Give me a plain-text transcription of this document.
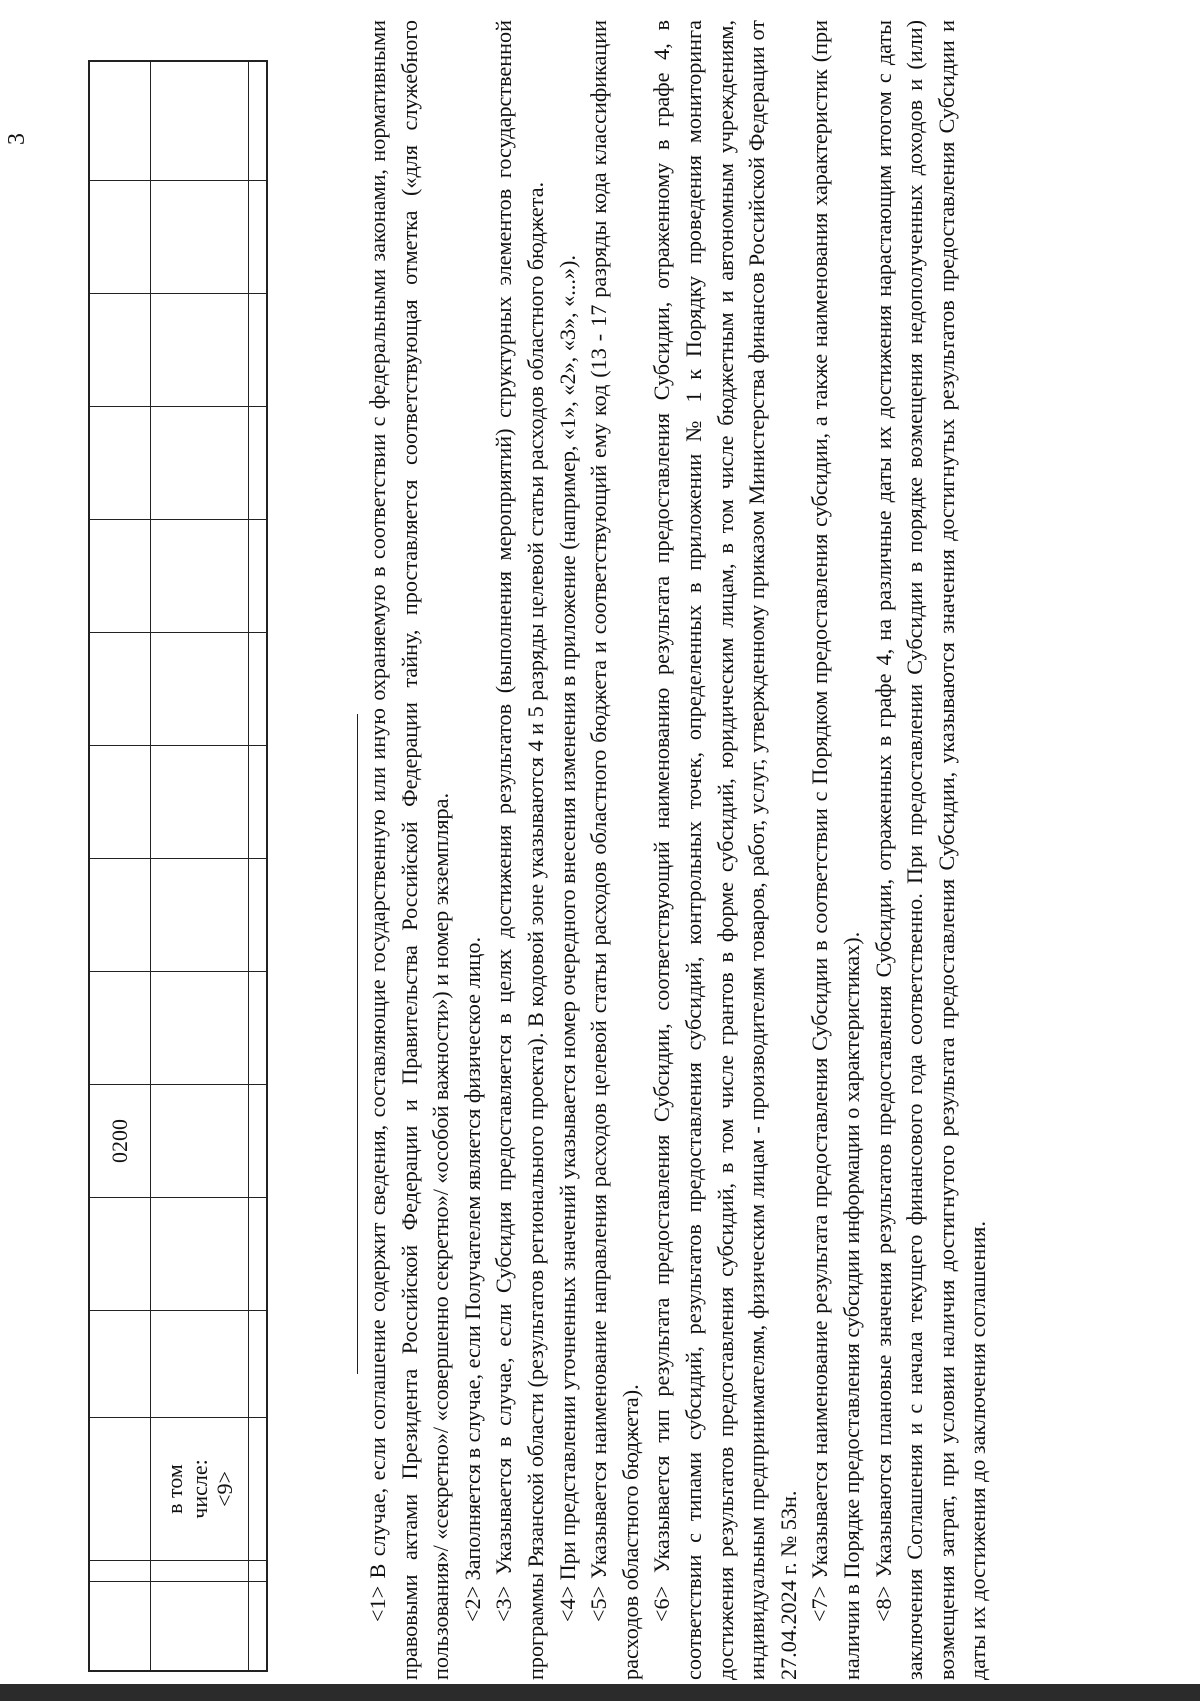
3
					0200									

		в том числе: <9>												

															<1> В случае, если соглашение содержит сведения, составляющие государственную или иную охраняемую в соответствии с федеральными законами, нормативными правовыми актами Президента Российской Федерации и Правительства Российской Федерации тайну, проставляется соответствующая отметка («для служебного пользования»/ «секретно»/ «совершенно секретно»/ «особой важности») и номер экземпляра. <2> Заполняется в случае, если Получателем является физическое лицо. <3> Указывается в случае, если Субсидия предоставляется в целях достижения результатов (выполнения мероприятий) структурных элементов государственной программы Рязанской области (результатов регионального проекта). В кодовой зоне указываются 4 и 5 разряды целевой статьи расходов областного бюджета. <4> При представлении уточненных значений указывается номер очередного внесения изменения в приложение (например, «1», «2», «3», «...»). <5> Указывается наименование направления расходов целевой статьи расходов областного бюджета и соответствующий ему код (13 - 17 разряды кода классификации расходов областного бюджета). <6> Указывается тип результата предоставления Субсидии, соответствующий наименованию результата предоставления Субсидии, отраженному в графе 4, в соответствии с типами субсидий, результатов предоставления субсидий, контрольных точек, определенных в приложении № 1 к Порядку проведения мониторинга достижения результатов предоставления субсидий, в том числе грантов в форме субсидий, юридическим лицам, в том числе бюджетным и автономным учреждениям, индивидуальным предпринимателям, физическим лицам - производителям товаров, работ, услуг, утвержденному приказом Министерства финансов Российской Федерации от 27.04.2024 г. № 53н. <7> Указывается наименование результата предоставления Субсидии в соответствии с Порядком предоставления субсидии, а также наименования характеристик (при наличии в Порядке предоставления субсидии информации о характеристиках). <8> Указываются плановые значения результатов предоставления Субсидии, отраженных в графе 4, на различные даты их достижения нарастающим итогом с даты заключения Соглашения и с начала текущего финансового года соответственно. При предоставлении Субсидии в порядке возмещения недополученных доходов и (или) возмещения затрат, при условии наличия достигнутого результата предоставления Субсидии, указываются значения достигнутых результатов предоставления Субсидии и даты их достижения до заключения соглашения.
